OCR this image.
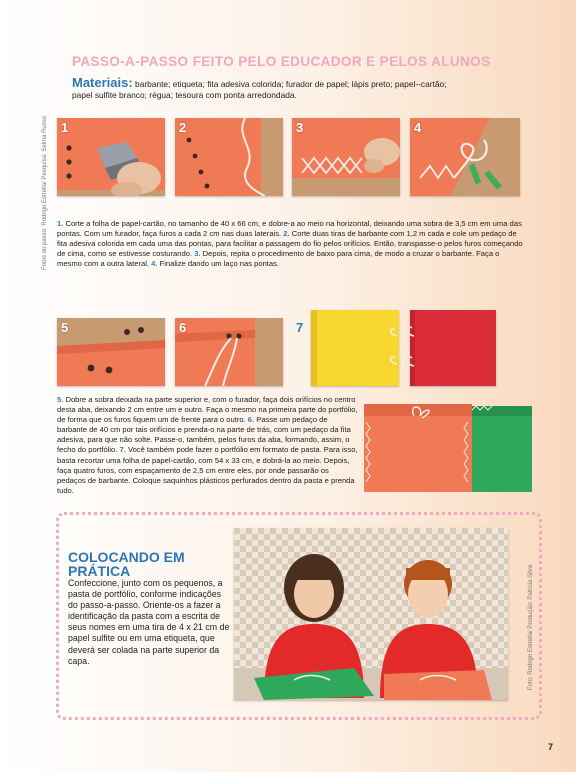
PASSO-A-PASSO FEITO PELO EDUCADOR E PELOS ALUNOS
Materiais: barbante; etiqueta; fita adesiva colorida; furador de papel; lápis preto; papel--cartão; papel sulfite branco; régua; tesoura com ponta arredondada.
Fotos do passo: Rodrigo Estrella/ Pesquisa: Selma Russo 1	2	3	4
1. Corte a folha de papel-cartão, no tamanho de 40 x 66 cm, e dobre-a ao meio na horizontal, deixando uma sobra de 3,5 cm em uma das pontas. Com um furador, faça furos a cada 2 cm nas duas laterais. 2. Corte duas tiras de barbante com 1,2 m cada e cole um pedaço de fita adesiva colorida em cada uma das pontas, para facilitar a passagem do fio pelos orifícios. Então, transpasse-o pelos furos começando de cima, como se estivesse costurando. 3. Depois, repita o procedimento de baixo para cima, de modo a cruzar o barbante. Faça o mesmo com a outra lateral. 4. Finalize dando um laço nas pontas.
5	6	7
5. Dobre a sobra deixada na parte superior e, com o furador, faça dois orifícios no centro desta aba, deixando 2 cm entre um e outro. Faça o mesmo na primeira parte do portfólio, de forma que os furos fiquem um de frente para o outro. 6. Passe um pedaço de barbante de 40 cm por tais orifícios e prenda-o na parte de trás, com um pedaço da fita adesiva, para que não solte. Passe-o, também, pelos furos da aba, formando, assim, o fecho do portfólio. 7. Você também pode fazer o portfólio em formato de pasta. Para isso, basta recortar uma folha de papel-cartão, com 54 x 33 cm, e dobrá-la ao meio. Depois, faça quatro furos, com espaçamento de 2,5 cm entre eles, por onde passarão os pedaços de barbante. Coloque saquinhos plásticos perfurados dentro da pasta e prenda tudo.
COLOCANDO EM PRÁTICA
Confeccione, junto com os pequenos, a pasta de portfólio, conforme indicações do passo-a-passo. Oriente-os a fazer a identificação da pasta com a escrita de seus nomes em uma tira de 4 x 21 cm de papel sulfite ou em uma etiqueta, que deverá ser colada na parte superior da capa.	Foto: Rodrigo Estrella/ Produção: Patricia Silva
7
